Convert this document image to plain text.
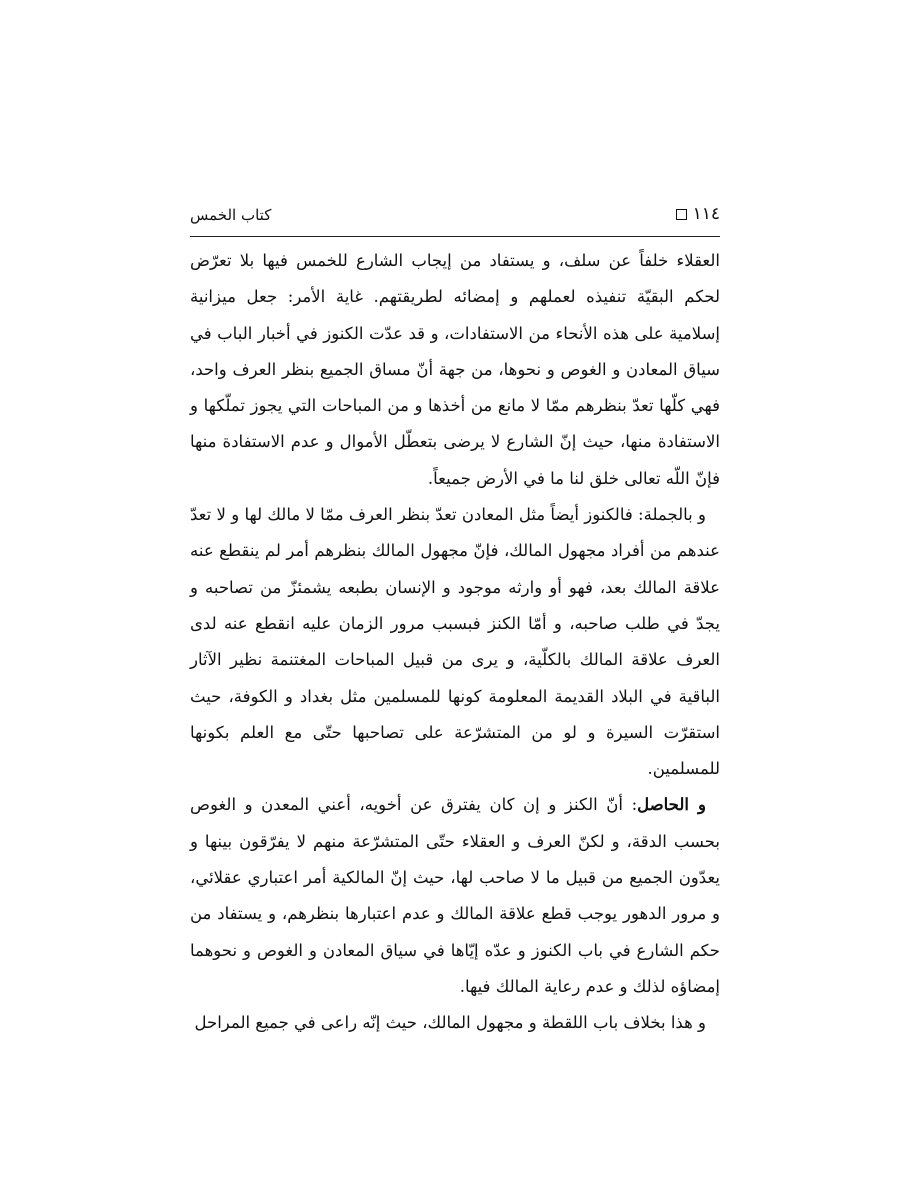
كتاب الخمس	١١٤

العقلاء خلفاً عن سلف، و يستفاد من إيجاب الشارع للخمس فيها بلا تعرّض لحكم البقيّة تنفيذه لعملهم و إمضائه لطريقتهم. غاية الأمر: جعل ميزانية إسلامية على هذه الأنحاء من الاستفادات، و قد عدّت الكنوز في أخبار الباب في سياق المعادن و الغوص و نحوها، من جهة أنّ مساق الجميع بنظر العرف واحد، فهي كلّها تعدّ بنظرهم ممّا لا مانع من أخذها و من المباحات التي يجوز تملّكها و الاستفادة منها، حيث إنّ الشارع لا يرضى بتعطّل الأموال و عدم الاستفادة منها فإنّ اللّه تعالى خلق لنا ما في الأرض جميعاً.

و بالجملة: فالكنوز أيضاً مثل المعادن تعدّ بنظر العرف ممّا لا مالك لها و لا تعدّ عندهم من أفراد مجهول المالك، فإنّ مجهول المالك بنظرهم أمر لم ينقطع عنه علاقة المالك بعد، فهو أو وارثه موجود و الإنسان بطبعه يشمئزّ من تصاحبه و يجدّ في طلب صاحبه، و أمّا الكنز فبسبب مرور الزمان عليه انقطع عنه لدى العرف علاقة المالك بالكلّية، و يرى من قبيل المباحات المغتنمة نظير الآثار الباقية في البلاد القديمة المعلومة كونها للمسلمين مثل بغداد و الكوفة، حيث استقرّت السيرة و لو من المتشرّعة على تصاحبها حتّى مع العلم بكونها للمسلمين.

و الحاصل: أنّ الكنز و إن كان يفترق عن أخويه، أعني المعدن و الغوص بحسب الدقة، و لكنّ العرف و العقلاء حتّى المتشرّعة منهم لا يفرّقون بينها و يعدّون الجميع من قبيل ما لا صاحب لها، حيث إنّ المالكية أمر اعتباري عقلائي، و مرور الدهور يوجب قطع علاقة المالك و عدم اعتبارها بنظرهم، و يستفاد من حكم الشارع في باب الكنوز و عدّه إيّاها في سياق المعادن و الغوص و نحوهما إمضاؤه لذلك و عدم رعاية المالك فيها.

و هذا بخلاف باب اللقطة و مجهول المالك، حيث إنّه راعى في جميع المراحل
